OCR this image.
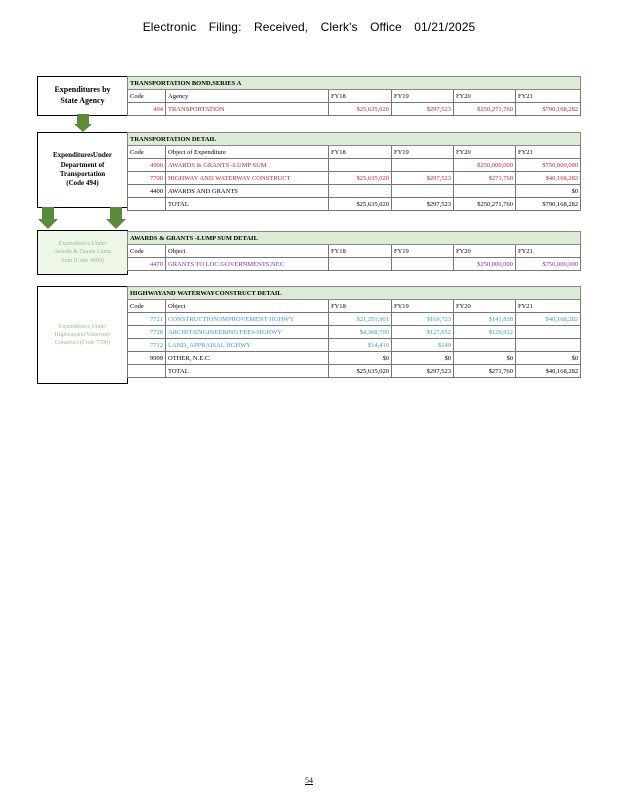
Electronic Filing: Received, Clerk's Office 01/21/2025
Expenditures by
State Agency
TRANSPORTATION BOND,SERIES A					
Code	Agency	FY18	FY19	FY20	FY21
494	TRANSPORTATION	$25,635,020	$297,523	$250,271,760	$790,168,282
ExpendituresUnder
Department of
Transportation
(Code 494)
TRANSPORTATION DETAIL					
Code	Object of Expenditure	FY18	FY19	FY20	FY21
4900	AWARDS & GRANTS -LUMP SUM			$250,000,000	$750,000,000
7700	HIGHWAY AND WATERWAY CONSTRUCT	$25,635,020	$297,523	$271,760	$40,168,282
4400	AWARDS AND GRANTS				$0
	TOTAL	$25,635,020	$297,523	$250,271,760	$790,168,282
Expenditures Under
Awards & Grants Lump
Sum (Code 4900)
AWARDS & GRANTS -LUMP SUM DETAIL					
Code	Object	FY18	FY19	FY20	FY21
4470	GRANTS TO LOC GOVERNMENTS,NEC			$250,000,000	$750,000,000
Expenditures Under
Highwayand Waterway
Construct (Code 7700)
HIGHWAYAND WATERWAYCONSTRUCT DETAIL					
Code	Object	FY18	FY19	FY20	FY21
7721	CONSTRUCTION/IMPROVEMENT HGHWY	$21,251,901	$169,723	$141,838	$40,168,282
7728	ARCHIT/ENGINEERING FEES-HGHWY	$4,368,709	$127,652	$129,922	
7712	LAND_APPRAISAL HGHWY	$14,410	$149		
9999	OTHER, N.E.C.	$0	$0	$0	$0
	TOTAL	$25,635,020	$297,523	$271,760	$40,168,282
54
